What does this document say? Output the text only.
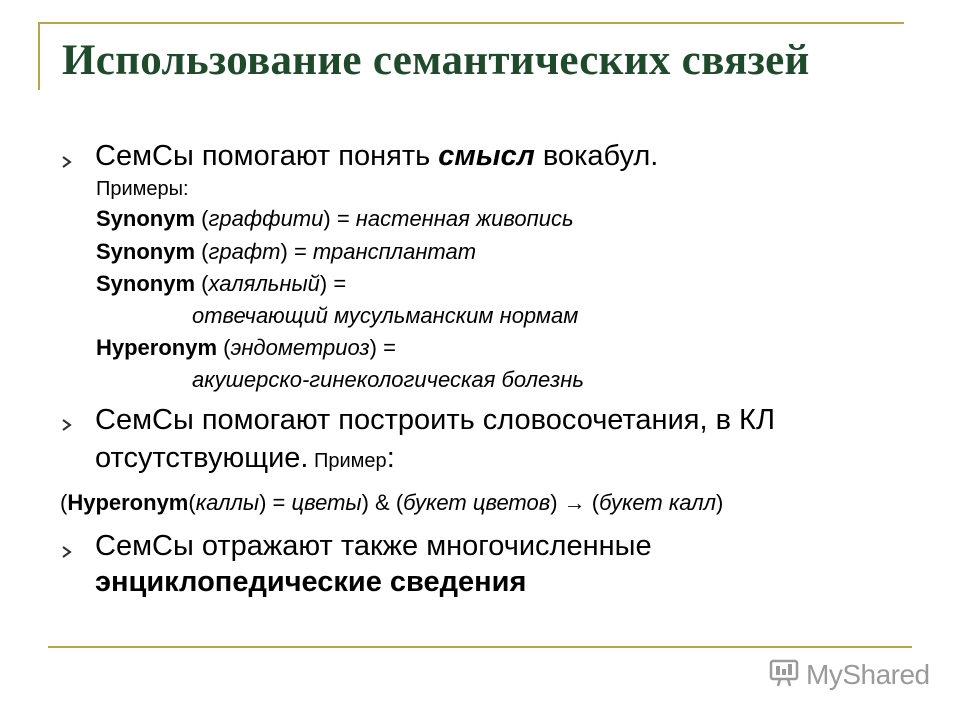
Использование семантических связей
СемСы помогают понять смысл вокабул.
Примеры:
Synonym (граффити) = настенная живопись
Synonym (графт) = трансплантат
Synonym (халяльный) =
отвечающий мусульманским нормам
Hyperonym (эндометриоз) =
акушерско-гинекологическая болезнь
СемСы помогают построить словосочетания, в КЛ
отсутствующие. Пример:
(Hyperonym(каллы) = цветы) & (букет цветов) → (букет калл)
СемСы отражают также многочисленные
энциклопедические сведения
MyShared
